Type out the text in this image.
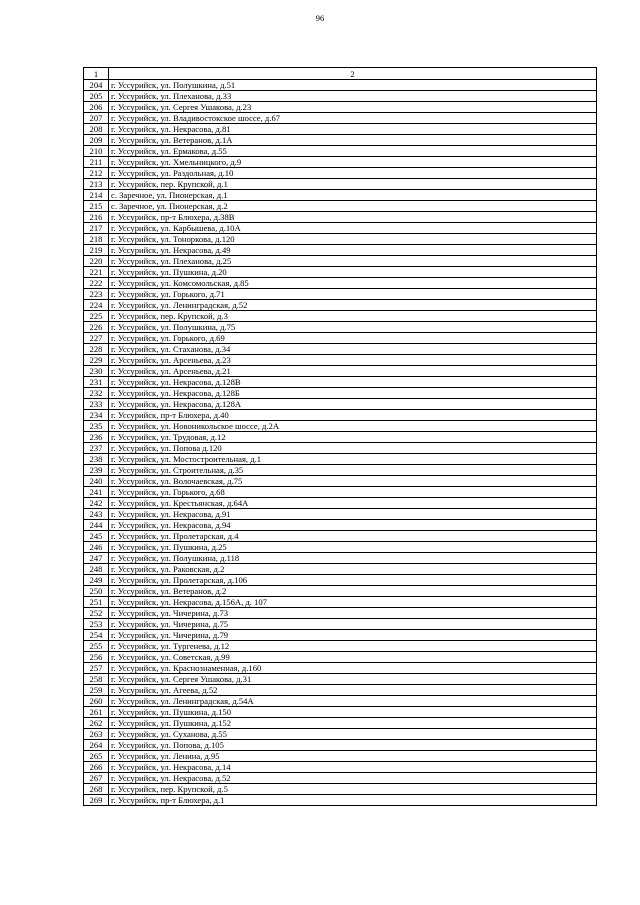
96
1	2
204	г. Уссурийск, ул. Полушкина, д.51
205	г. Уссурийск, ул. Плеханова, д.33
206	г. Уссурийск, ул. Сергея Ушакова, д.23
207	г. Уссурийск, ул. Владивостокское шоссе, д.67
208	г. Уссурийск, ул. Некрасова, д.81
209	г. Уссурийск, ул. Ветеранов, д.1А
210	г. Уссурийск, ул. Ермакова, д.55
211	г. Уссурийск, ул. Хмельницкого, д.9
212	г. Уссурийск, ул. Раздольная, д.10
213	г. Уссурийск, пер. Крупской, д.1
214	с. Заречное, ул. Пионерская, д.1
215	с. Заречное, ул. Пионерская, д.2
216	г. Уссурийск, пр-т Блюхера, д.38В
217	г. Уссурийск, ул. Карбышева, д.10А
218	г. Уссурийск, ул. Тонoркова, д.120
219	г. Уссурийск, ул. Некрасова, д.49
220	г. Уссурийск, ул. Плеханова, д.25
221	г. Уссурийск, ул. Пушкина, д.20
222	г. Уссурийск, ул. Комсомольская, д.85
223	г. Уссурийск, ул. Горького, д.71
224	г. Уссурийск, ул. Ленинградская, д.52
225	г. Уссурийск, пер. Крупской, д.3
226	г. Уссурийск, ул. Полушкина, д.75
227	г. Уссурийск, ул. Горького, д.69
228	г. Уссурийск, ул. Стаханова, д.34
229	г. Уссурийск, ул. Арсеньева, д.23
230	г. Уссурийск, ул. Арсеньева, д.21
231	г. Уссурийск, ул. Некрасова, д.128В
232	г. Уссурийск, ул. Некрасова, д.128Б
233	г. Уссурийск, ул. Некрасова, д.128А
234	г. Уссурийск, пр-т Блюхера, д.40
235	г. Уссурийск, ул. Новоникольское шоссе, д.2А
236	г. Уссурийск, ул. Трудовая, д.12
237	г. Уссурийск, ул. Попова д.120
238	г. Уссурийск, ул. Мостостроительная, д.1
239	г. Уссурийск, ул. Строительная, д.35
240	г. Уссурийск, ул. Волочаевская, д.75
241	г. Уссурийск, ул. Горького, д.68
242	г. Уссурийск, ул. Крестьянская, д.64А
243	г. Уссурийск, ул. Некрасова, д.91
244	г. Уссурийск, ул. Некрасова, д.94
245	г. Уссурийск, ул. Пролетарская, д.4
246	г. Уссурийск, ул. Пушкина, д.25
247	г. Уссурийск, ул. Полушкина, д.118
248	г. Уссурийск, ул. Раковская, д.2
249	г. Уссурийск, ул. Пролетарская, д.106
250	г. Уссурийск, ул. Ветеранов, д.2
251	г. Уссурийск, ул. Некрасова, д.156А, д. 107
252	г. Уссурийск, ул. Чичерина, д.73
253	г. Уссурийск, ул. Чичерина, д.75
254	г. Уссурийск, ул. Чичерина, д.79
255	г. Уссурийск, ул. Тургенева, д.12
256	г. Уссурийск, ул. Советская, д.99
257	г. Уссурийск, ул. Краснознаменная, д.160
258	г. Уссурийск, ул. Сергея Ушакова, д.31
259	г. Уссурийск, ул. Агеева, д.52
260	г. Уссурийск, ул. Ленинградская, д.54А
261	г. Уссурийск, ул. Пушкина, д.150
262	г. Уссурийск, ул. Пушкина, д.152
263	г. Уссурийск, ул. Суханова, д.55
264	г. Уссурийск, ул. Попова, д.105
265	г. Уссурийск, ул. Ленина, д.95
266	г. Уссурийск, ул. Некрасова, д.14
267	г. Уссурийск, ул. Некрасова, д.52
268	г. Уссурийск, пер. Крупской, д.5
269	г. Уссурийск, пр-т Блюхера, д.1
